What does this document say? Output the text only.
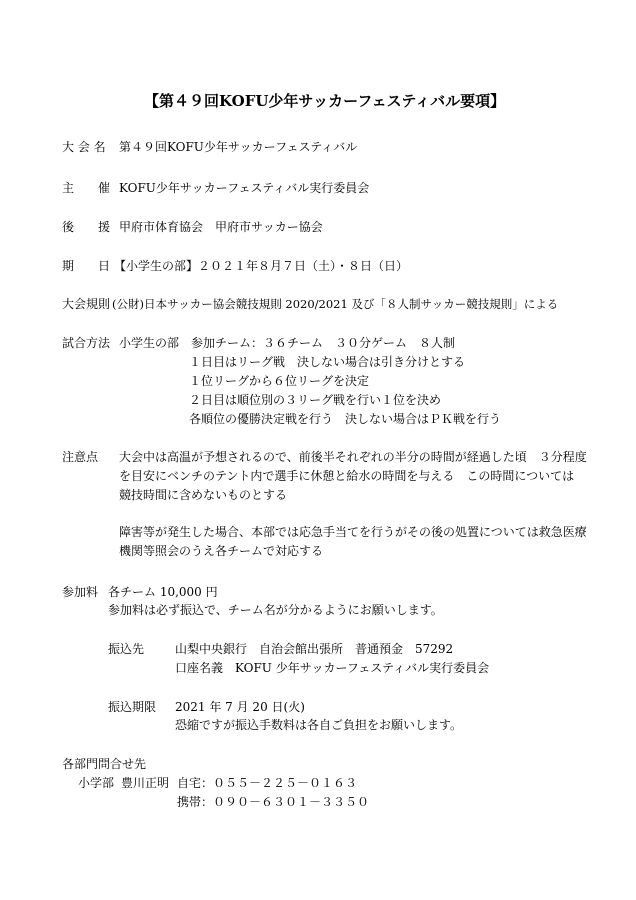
【第４９回KOFU少年サッカーフェスティバル要項】
大 会 名 第４９回KOFU少年サッカーフェスティバル
主　　催 KOFU少年サッカーフェスティバル実行委員会
後　　援 甲府市体育協会　甲府市サッカー協会
期　　日 【小学生の部】２０２１年８月７日（土）・８日（日）
大会規則 (公財)日本サッカー協会競技規則 2020/2021 及び「８人制サッカー競技規則」による
試合方法 小学生の部　参加チーム：３６チーム　３０分ゲーム　８人制
１日目はリーグ戦　決しない場合は引き分けとする
１位リーグから６位リーグを決定
２日目は順位別の３リーグ戦を行い１位を決め
各順位の優勝決定戦を行う　決しない場合はＰＫ戦を行う
注意点 大会中は高温が予想されるので、前後半それぞれの半分の時間が経過した頃　３分程度
を目安にベンチのテント内で選手に休憩と給水の時間を与える　この時間については
競技時間に含めないものとする
障害等が発生した場合、本部では応急手当てを行うがその後の処置については救急医療
機関等照会のうえ各チームで対応する
参加料 各チーム 10,000 円
参加料は必ず振込で、チーム名が分かるようにお願いします。
振込先	山梨中央銀行　自治会館出張所　普通預金　57292
口座名義　KOFU 少年サッカーフェスティバル実行委員会
振込期限 2021 年 7 月 20 日(火)
恐縮ですが振込手数料は各自ご負担をお願いします。
各部門問合せ先
小学部 豊川正明 自宅：０５５－２２５－０１６３
携帯：０９０－６３０１－３３５０
